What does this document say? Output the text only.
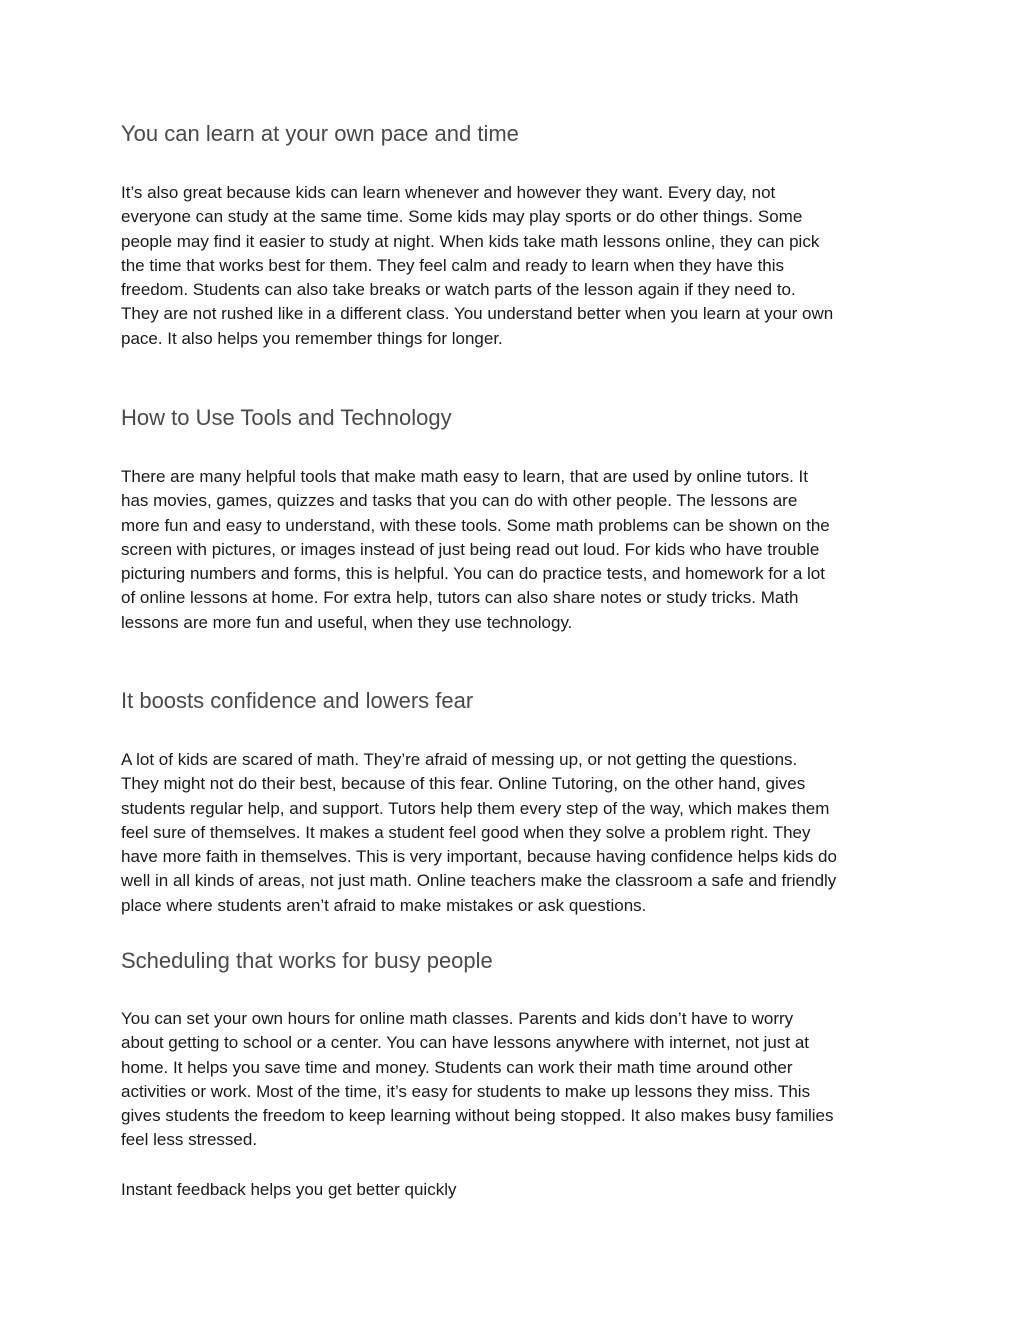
You can learn at your own pace and time
It’s also great because kids can learn whenever and however they want. Every day, not
everyone can study at the same time. Some kids may play sports or do other things. Some
people may find it easier to study at night. When kids take math lessons online, they can pick
the time that works best for them. They feel calm and ready to learn when they have this
freedom. Students can also take breaks or watch parts of the lesson again if they need to.
They are not rushed like in a different class. You understand better when you learn at your own
pace. It also helps you remember things for longer.
How to Use Tools and Technology
There are many helpful tools that make math easy to learn, that are used by online tutors. It
has movies, games, quizzes and tasks that you can do with other people. The lessons are
more fun and easy to understand, with these tools. Some math problems can be shown on the
screen with pictures, or images instead of just being read out loud. For kids who have trouble
picturing numbers and forms, this is helpful. You can do practice tests, and homework for a lot
of online lessons at home. For extra help, tutors can also share notes or study tricks. Math
lessons are more fun and useful, when they use technology.
It boosts confidence and lowers fear
A lot of kids are scared of math. They’re afraid of messing up, or not getting the questions.
They might not do their best, because of this fear. Online Tutoring, on the other hand, gives
students regular help, and support. Tutors help them every step of the way, which makes them
feel sure of themselves. It makes a student feel good when they solve a problem right. They
have more faith in themselves. This is very important, because having confidence helps kids do
well in all kinds of areas, not just math. Online teachers make the classroom a safe and friendly
place where students aren’t afraid to make mistakes or ask questions.
Scheduling that works for busy people
You can set your own hours for online math classes. Parents and kids don’t have to worry
about getting to school or a center. You can have lessons anywhere with internet, not just at
home. It helps you save time and money. Students can work their math time around other
activities or work. Most of the time, it’s easy for students to make up lessons they miss. This
gives students the freedom to keep learning without being stopped. It also makes busy families
feel less stressed.
Instant feedback helps you get better quickly
